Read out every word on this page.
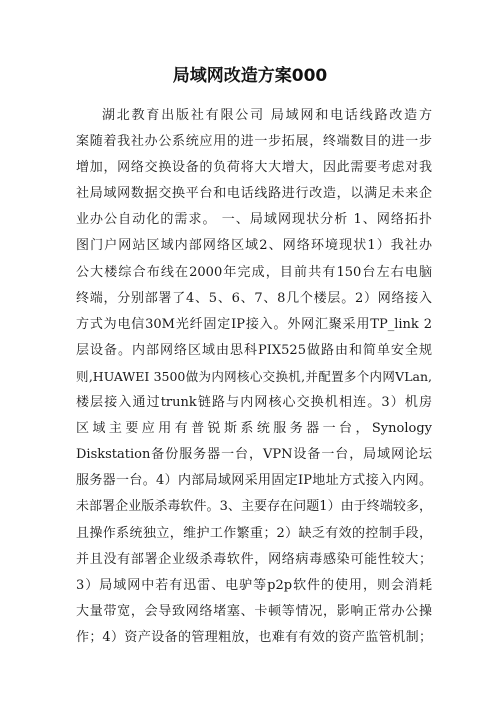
局域网改造方案000
湖北教育出版社有限公司 局域网和电话线路改造方
案随着我社办公系统应用的进一步拓展，终端数目的进一步
增加，网络交换设备的负荷将大大增大，因此需要考虑对我
社局域网数据交换平台和电话线路进行改造，以满足未来企
业办公自动化的需求。 一、局域网现状分析 1、网络拓扑
图门户网站区域内部网络区域2、网络环境现状1）我社办
公大楼综合布线在2000年完成，目前共有150台左右电脑
终端，分别部署了4、5、6、7、8几个楼层。2）网络接入
方式为电信30M光纤固定IP接入。外网汇聚采用TP_link 2
层设备。内部网络区域由思科PIX525做路由和简单安全规
则,HUAWEI 3500做为内网核心交换机,并配置多个内网VLan,
楼层接入通过trunk链路与内网核心交换机相连。3）机房
区域主要应用有普锐斯系统服务器一台，Synology
Diskstation备份服务器一台，VPN设备一台，局域网论坛
服务器一台。4）内部局域网采用固定IP地址方式接入内网。
未部署企业版杀毒软件。3、主要存在问题1）由于终端较多，
且操作系统独立，维护工作繁重；2）缺乏有效的控制手段，
并且没有部署企业级杀毒软件，网络病毒感染可能性较大；
3）局域网中若有迅雷、电驴等p2p软件的使用，则会消耗
大量带宽，会导致网络堵塞、卡顿等情况，影响正常办公操
作；4）资产设备的管理粗放，也难有有效的资产监管机制；
